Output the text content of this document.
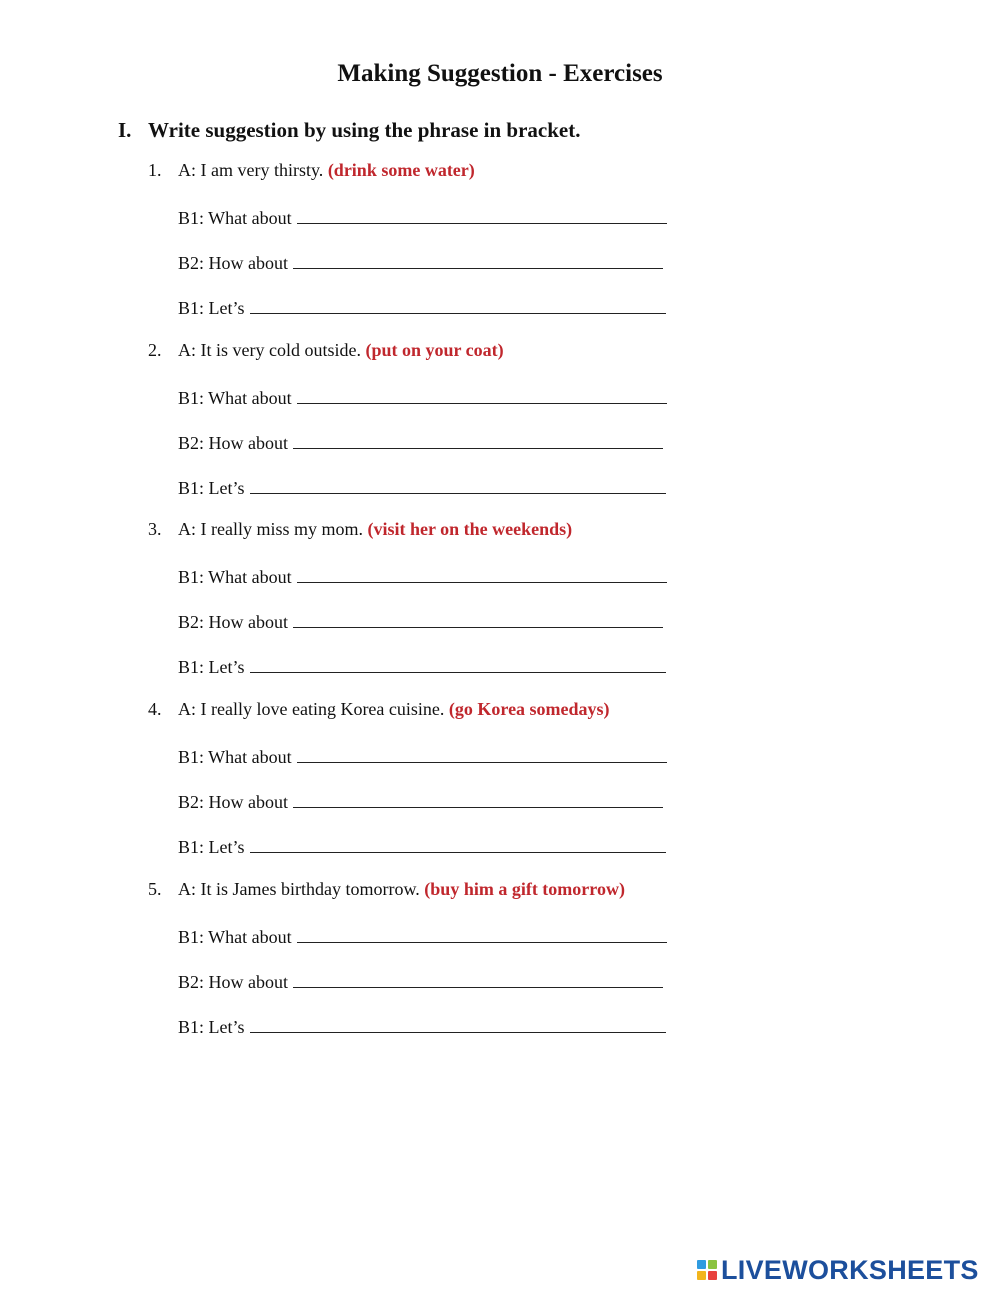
Making Suggestion - Exercises
I. Write suggestion by using the phrase in bracket.
1. A: I am very thirsty. (drink some water)
B1: What about
B2: How about
B1: Let’s
2. A: It is very cold outside. (put on your coat)
B1: What about
B2: How about
B1: Let’s
3. A: I really miss my mom. (visit her on the weekends)
B1: What about
B2: How about
B1: Let’s
4. A: I really love eating Korea cuisine. (go Korea somedays)
B1: What about
B2: How about
B1: Let’s
5. A: It is James birthday tomorrow. (buy him a gift tomorrow)
B1: What about
B2: How about
B1: Let’s
LIVEWORKSHEETS
